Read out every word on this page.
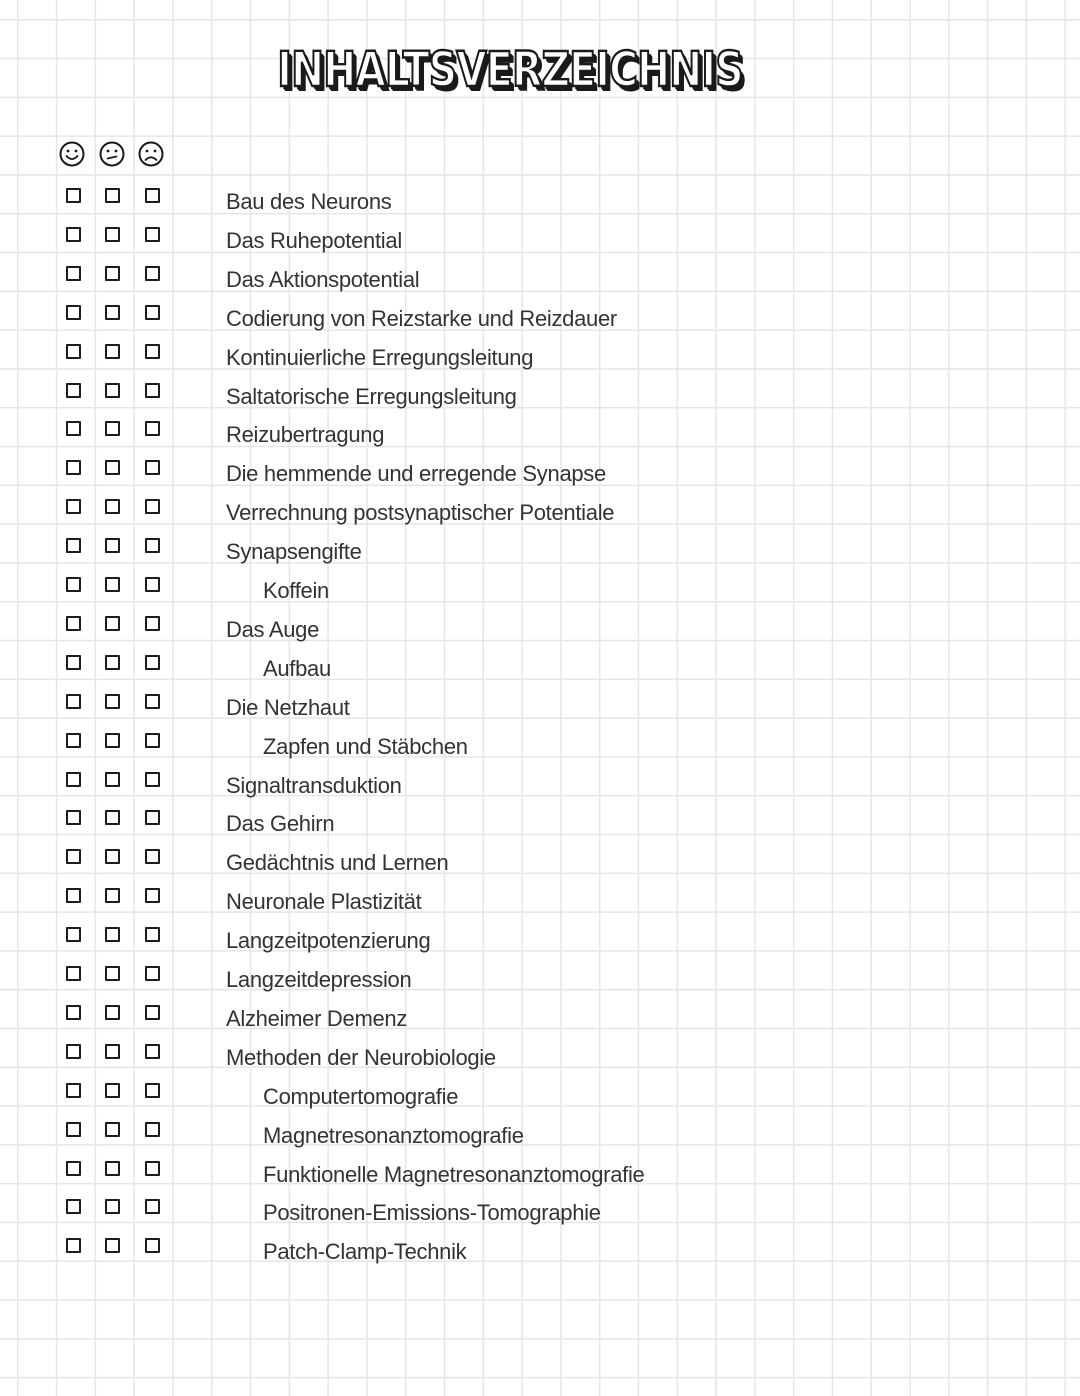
INHALTSVERZEICHNIS
Bau des Neurons
Das Ruhepotential
Das Aktionspotential
Codierung von Reizstarke und Reizdauer
Kontinuierliche Erregungsleitung
Saltatorische Erregungsleitung
Reizubertragung
Die hemmende und erregende Synapse
Verrechnung postsynaptischer Potentiale
Synapsengifte
Koffein
Das Auge
Aufbau
Die Netzhaut
Zapfen und Stäbchen
Signaltransduktion
Das Gehirn
Gedächtnis und Lernen
Neuronale Plastizität
Langzeitpotenzierung
Langzeitdepression
Alzheimer Demenz
Methoden der Neurobiologie
Computertomografie
Magnetresonanztomografie
Funktionelle Magnetresonanztomografie
Positronen-Emissions-Tomographie
Patch-Clamp-Technik
